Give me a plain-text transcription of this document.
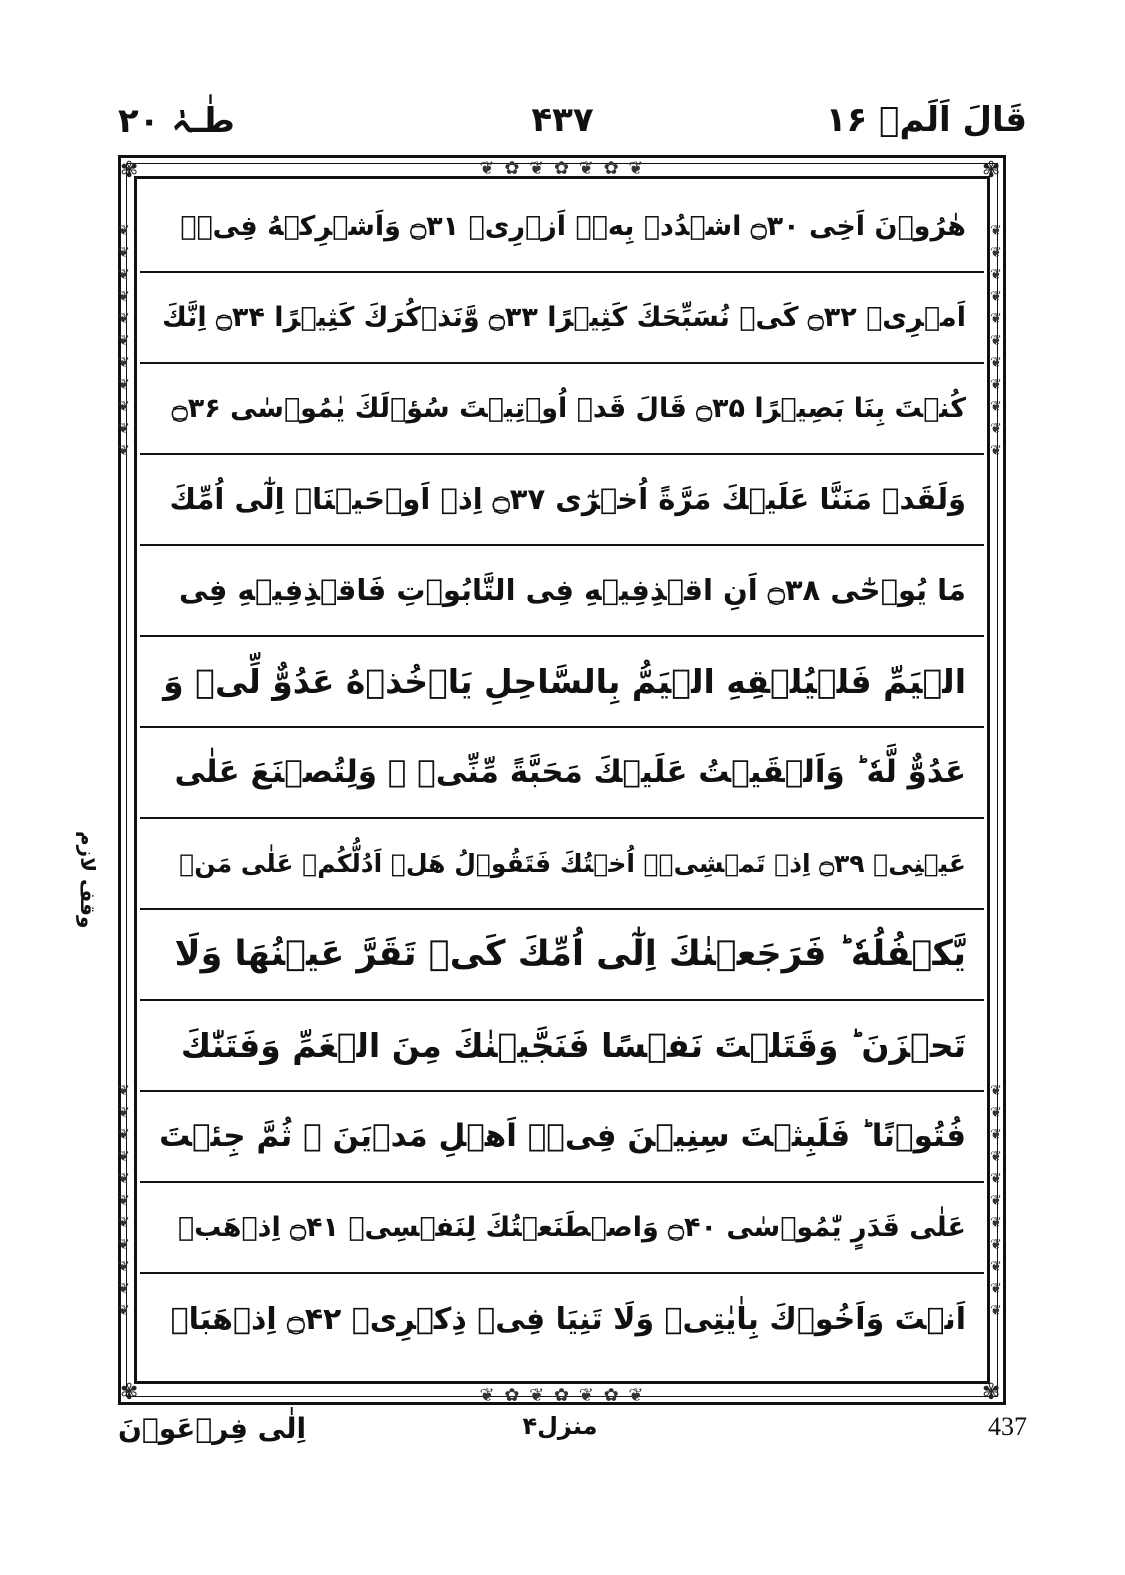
طٰـہٰ ۲۰	۴۳۷	قَالَ اَلَمۡ ۱۶
❦ ✿ ❦ ✿ ❦ ✿ ❦
❦ ✿ ❦ ✿ ❦ ✿ ❦
✾	✾
✾	✾
❦
❦
❦
❦
❦
❦
❦
❦
❦
❦
❦
❦
❦
❦
❦
❦
❦
❦
❦
❦
❦
❦
❦
❦
❦
❦
❦
❦
❦
❦
❦
❦
❦
❦
❦
❦
❦
❦
❦
❦
❦
❦
❦
❦
هٰرُوۡنَ اَخِى ۝۳۰ اشۡدُدۡ بِهٖۤ اَزۡرِىۡ ۝۳۱ وَاَشۡرِكۡهُ فِىۡۤ
اَمۡرِىۡ ۝۳۲ كَىۡ نُسَبِّحَكَ كَثِيۡرًا ۝۳۳ وَّنَذۡكُرَكَ كَثِيۡرًا ۝۳۴ اِنَّكَ
كُنۡتَ بِنَا بَصِيۡرًا ۝۳۵ قَالَ قَدۡ اُوۡتِيۡتَ سُؤۡلَكَ يٰمُوۡسٰى ۝۳۶
وَلَقَدۡ مَنَنَّا عَلَيۡكَ مَرَّةً اُخۡرٰٓى ۝۳۷ اِذۡ اَوۡحَيۡنَاۤ اِلٰٓى اُمِّكَ
مَا يُوۡحٰٓى ۝۳۸ اَنِ اقۡذِفِيۡهِ فِى التَّابُوۡتِ فَاقۡذِفِيۡهِ فِى
الۡيَمِّ فَلۡيُلۡقِهِ الۡيَمُّ بِالسَّاحِلِ يَاۡخُذۡهُ عَدُوٌّ لِّىۡ وَ
عَدُوٌّ لَّهٗ ؕ وَاَلۡقَيۡتُ عَلَيۡكَ مَحَبَّةً مِّنِّىۡ ۚ وَلِتُصۡنَعَ عَلٰى
عَيۡنِىۡ ۝۳۹ اِذۡ تَمۡشِىۡۤ اُخۡتُكَ فَتَقُوۡلُ هَلۡ اَدُلُّكُمۡ عَلٰى مَنۡ
يَّكۡفُلُهٗ ؕ فَرَجَعۡنٰكَ اِلٰٓى اُمِّكَ كَىۡ تَقَرَّ عَيۡنُهَا وَلَا
تَحۡزَنَ ؕ وَقَتَلۡتَ نَفۡسًا فَنَجَّيۡنٰكَ مِنَ الۡغَمِّ وَفَتَنّٰكَ
فُتُوۡنًا ؕ فَلَبِثۡتَ سِنِيۡنَ فِىۡۤ اَهۡلِ مَدۡيَنَ ۙ ثُمَّ جِئۡتَ
عَلٰى قَدَرٍ يّٰمُوۡسٰى ۝۴۰ وَاصۡطَنَعۡتُكَ لِنَفۡسِىۡ ۝۴۱ اِذۡهَبۡ
اَنۡتَ وَاَخُوۡكَ بِاٰيٰتِىۡ وَلَا تَنِيَا فِىۡ ذِكۡرِىۡ ۝۴۲ اِذۡهَبَاۤ
وقف لازم
اِلٰى فِرۡعَوۡنَ	منزل۴	437
